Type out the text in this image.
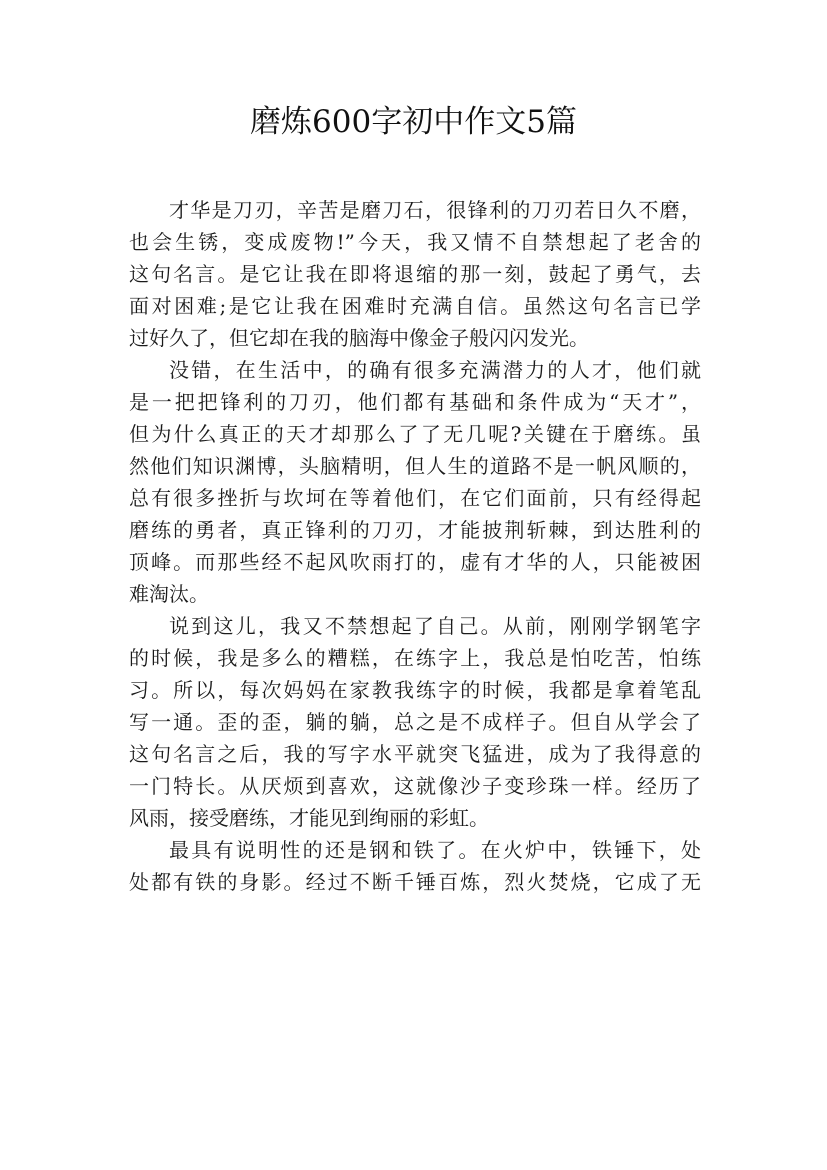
磨炼600字初中作文5篇
才华是刀刃，辛苦是磨刀石，很锋利的刀刃若日久不磨，
也会生锈，变成废物!”今天，我又情不自禁想起了老舍的
这句名言。是它让我在即将退缩的那一刻，鼓起了勇气，去
面对困难;是它让我在困难时充满自信。虽然这句名言已学
过好久了，但它却在我的脑海中像金子般闪闪发光。
没错，在生活中，的确有很多充满潜力的人才，他们就
是一把把锋利的刀刃，他们都有基础和条件成为“天才”，
但为什么真正的天才却那么了了无几呢?关键在于磨练。虽
然他们知识渊博，头脑精明，但人生的道路不是一帆风顺的，
总有很多挫折与坎坷在等着他们，在它们面前，只有经得起
磨练的勇者，真正锋利的刀刃，才能披荆斩棘，到达胜利的
顶峰。而那些经不起风吹雨打的，虚有才华的人，只能被困
难淘汰。
说到这儿，我又不禁想起了自己。从前，刚刚学钢笔字
的时候，我是多么的糟糕，在练字上，我总是怕吃苦，怕练
习。所以，每次妈妈在家教我练字的时候，我都是拿着笔乱
写一通。歪的歪，躺的躺，总之是不成样子。但自从学会了
这句名言之后，我的写字水平就突飞猛进，成为了我得意的
一门特长。从厌烦到喜欢，这就像沙子变珍珠一样。经历了
风雨，接受磨练，才能见到绚丽的彩虹。
最具有说明性的还是钢和铁了。在火炉中，铁锤下，处
处都有铁的身影。经过不断千锤百炼，烈火焚烧，它成了无
